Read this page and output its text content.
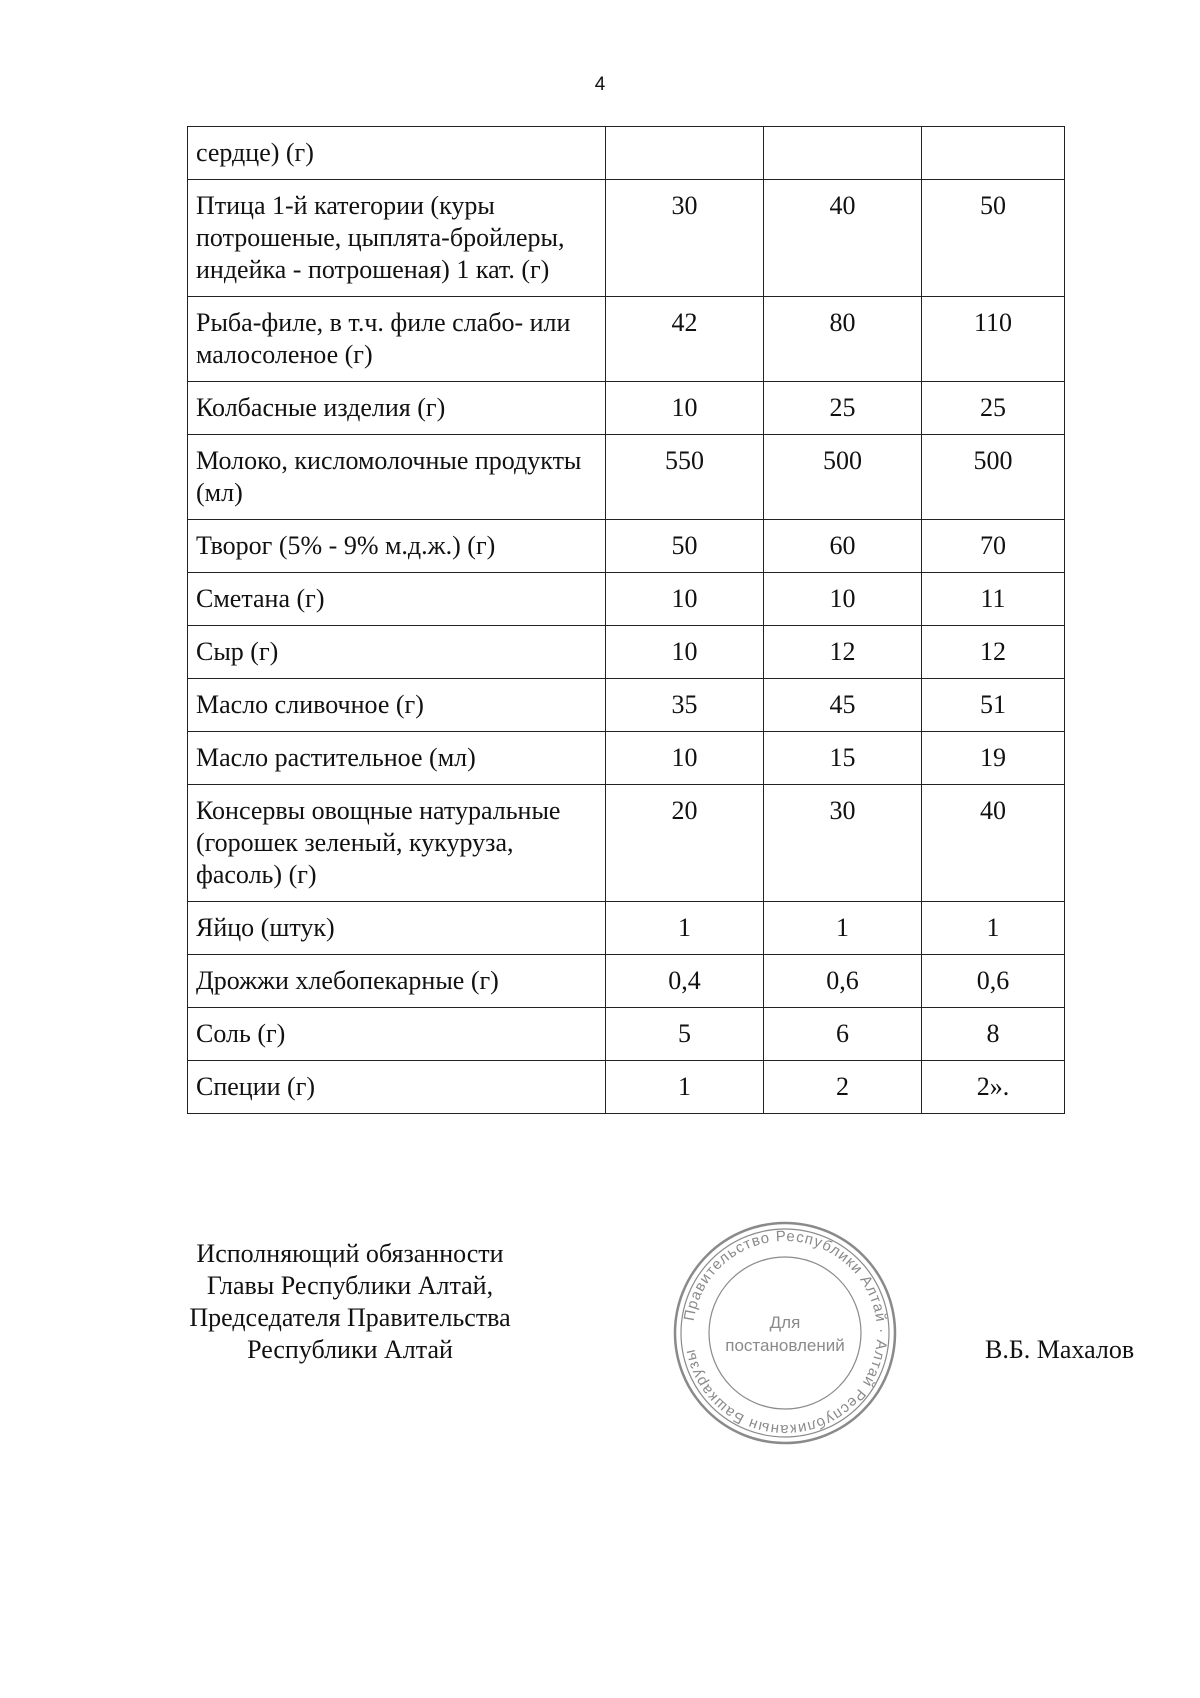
4
сердце) (г)			
Птица 1-й категории (куры потрошеные, цыплята-бройлеры, индейка - потрошеная) 1 кат. (г)	30	40	50
Рыба-филе, в т.ч. филе слабо- или малосоленое (г)	42	80	110
Колбасные изделия (г)	10	25	25
Молоко, кисломолочные продукты (мл)	550	500	500
Творог (5% - 9% м.д.ж.) (г)	50	60	70
Сметана (г)	10	10	11
Сыр (г)	10	12	12
Масло сливочное (г)	35	45	51
Масло растительное (мл)	10	15	19
Консервы овощные натуральные (горошек зеленый, кукуруза, фасоль) (г)	20	30	40
Яйцо (штук)	1	1	1
Дрожжи хлебопекарные (г)	0,4	0,6	0,6
Соль (г)	5	6	8
Специи (г)	1	2	2».
Исполняющий обязанности
Главы Республики Алтай,
Председателя Правительства
Республики Алтай
Правительство Республики Алтай · Алтай Республиканын Башкарузы
Для
постановлений	В.Б. Махалов
